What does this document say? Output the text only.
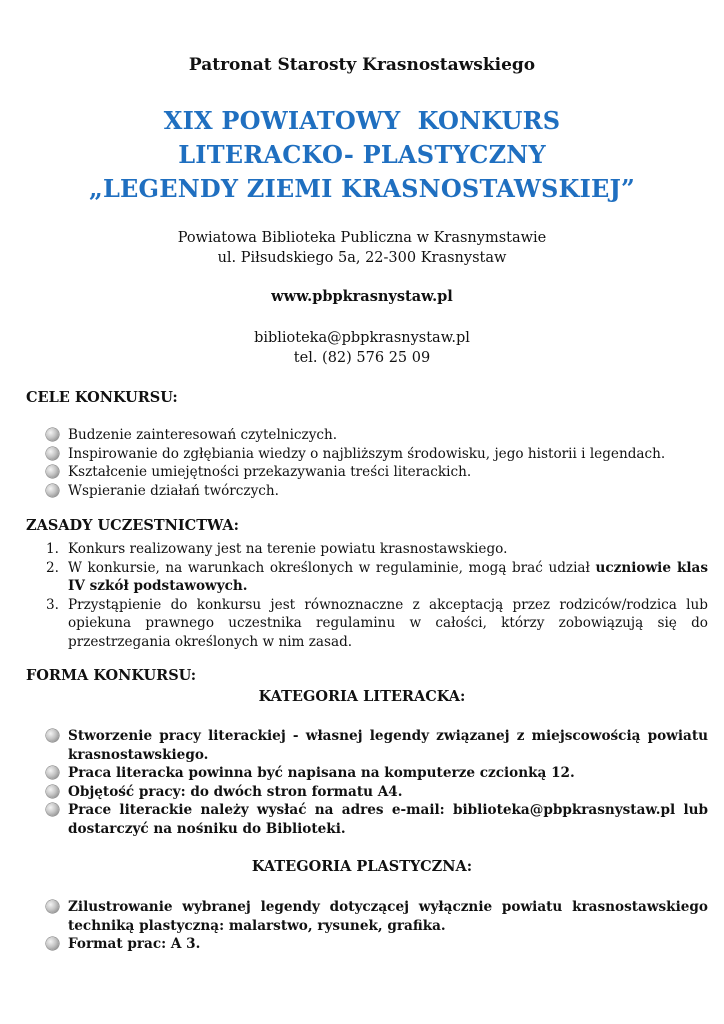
Patronat Starosty Krasnostawskiego
XIX POWIATOWY  KONKURS
LITERACKO- PLASTYCZNY
„LEGENDY ZIEMI KRASNOSTAWSKIEJ”
Powiatowa Biblioteka Publiczna w Krasnymstawie
ul. Piłsudskiego 5a, 22-300 Krasnystaw
www.pbpkrasnystaw.pl
biblioteka@pbpkrasnystaw.pl
tel. (82) 576 25 09
CELE KONKURSU:
Budzenie zainteresowań czytelniczych.
Inspirowanie do zgłębiania wiedzy o najbliższym środowisku, jego historii i legendach.
Kształcenie umiejętności przekazywania treści literackich.
Wspieranie działań twórczych.
ZASADY UCZESTNICTWA:
1. Konkurs realizowany jest na terenie powiatu krasnostawskiego.
2. W konkursie, na warunkach określonych w regulaminie, mogą brać udział uczniowie klas IV szkół podstawowych.
3. Przystąpienie do konkursu jest równoznaczne z akceptacją przez rodziców/rodzica lub opiekuna prawnego uczestnika regulaminu w całości, którzy zobowiązują się do przestrzegania określonych w nim zasad.
FORMA KONKURSU:
KATEGORIA LITERACKA:
Stworzenie pracy literackiej - własnej legendy związanej z miejscowością powiatu krasnostawskiego.
Praca literacka powinna być napisana na komputerze czcionką 12.
Objętość pracy: do dwóch stron formatu A4.
Prace literackie należy wysłać na adres e-mail: biblioteka@pbpkrasnystaw.pl lub dostarczyć na nośniku do Biblioteki.
KATEGORIA PLASTYCZNA:
Zilustrowanie wybranej legendy dotyczącej wyłącznie powiatu krasnostawskiego techniką plastyczną: malarstwo, rysunek, grafika.
Format prac: A 3.
